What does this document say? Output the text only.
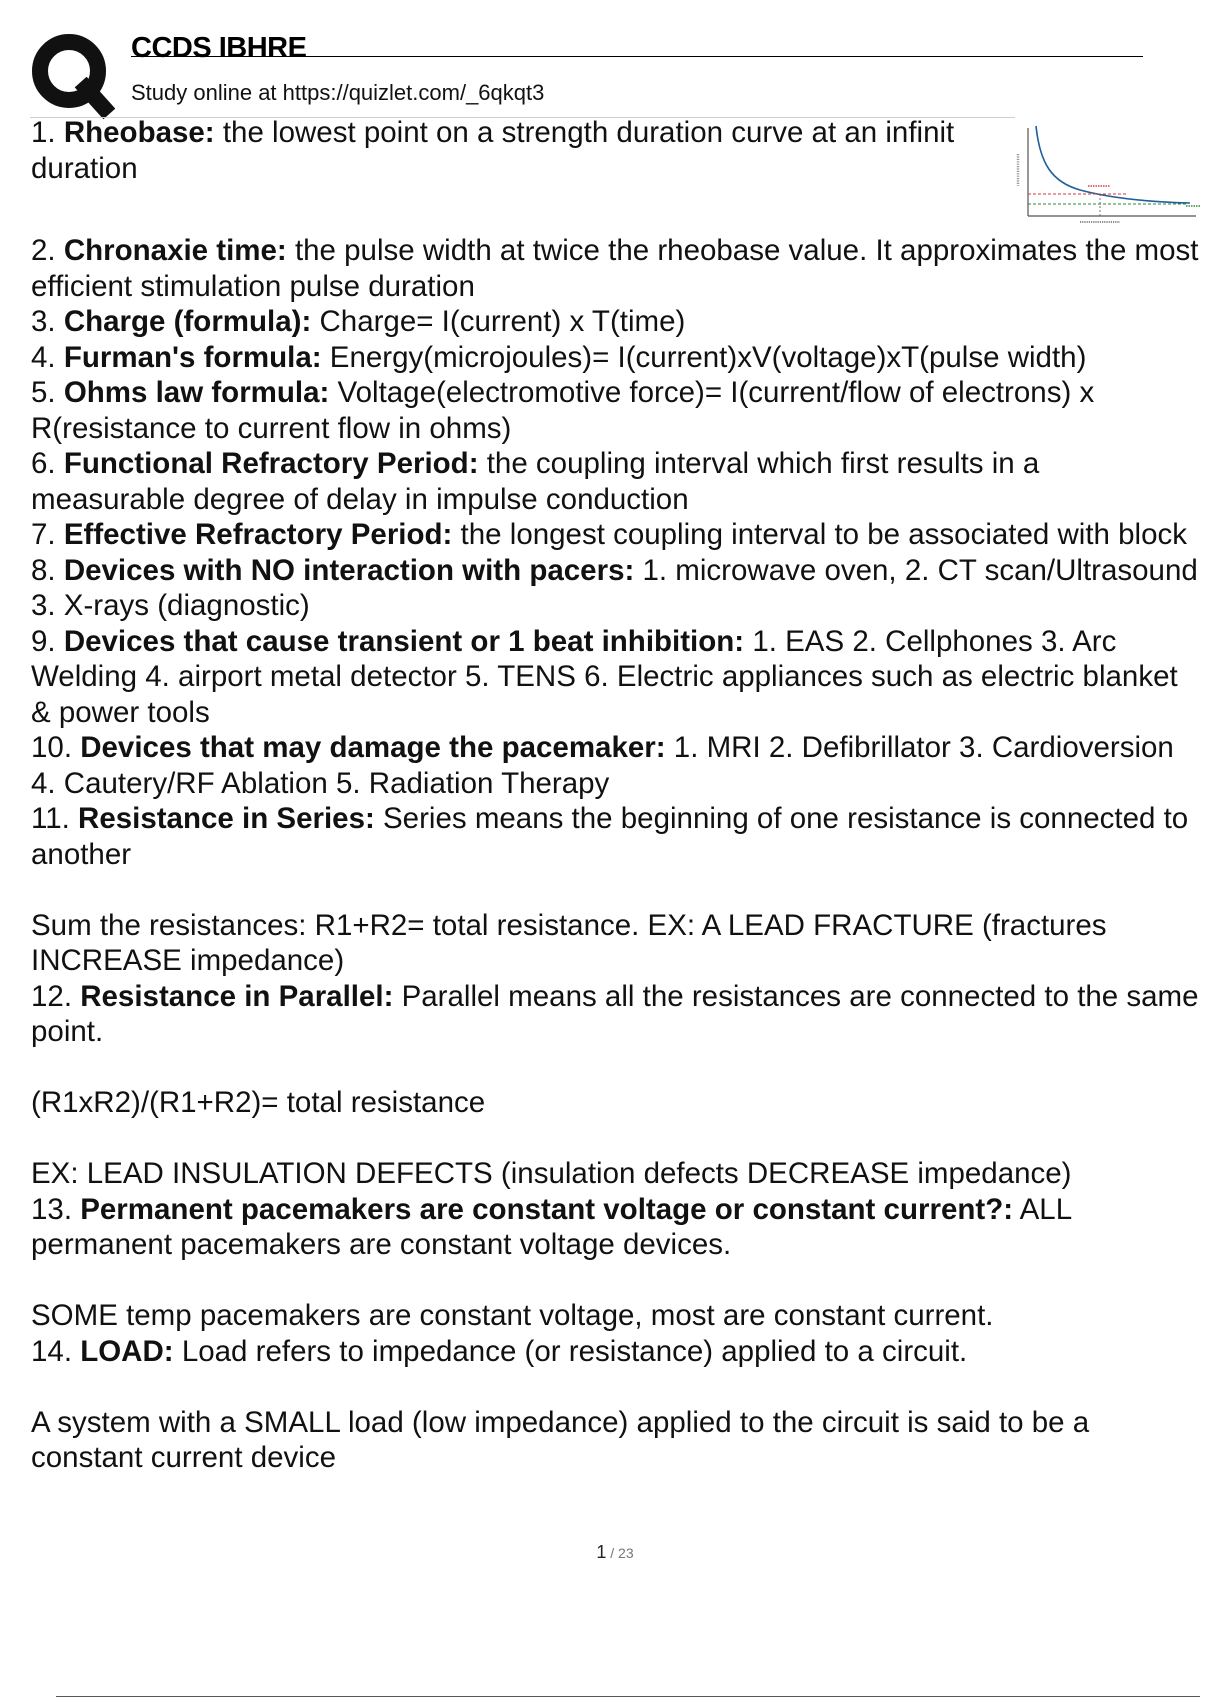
CCDS IBHRE
Study online at https://quizlet.com/_6qkqt3
1. Rheobase: the lowest point on a strength duration curve at an infinit duration
2. Chronaxie time: the pulse width at twice the rheobase value. It approximates the most efficient stimulation pulse duration
3. Charge (formula): Charge= I(current) x T(time)
4. Furman's formula: Energy(microjoules)= I(current)xV(voltage)xT(pulse width)
5. Ohms law formula: Voltage(electromotive force)= I(current/flow of electrons) x R(resistance to current flow in ohms)
6. Functional Refractory Period: the coupling interval which first results in a measurable degree of delay in impulse conduction
7. Effective Refractory Period: the longest coupling interval to be associated with block
8. Devices with NO interaction with pacers: 1. microwave oven, 2. CT scan/Ultrasound 3. X-rays (diagnostic)
9. Devices that cause transient or 1 beat inhibition: 1. EAS 2. Cellphones 3. Arc Welding 4. airport metal detector 5. TENS 6. Electric appliances such as electric blanket & power tools
10. Devices that may damage the pacemaker: 1. MRI 2. Defibrillator 3. Cardioversion 4. Cautery/RF Ablation 5. Radiation Therapy
11. Resistance in Series: Series means the beginning of one resistance is connected to another

Sum the resistances: R1+R2= total resistance. EX: A LEAD FRACTURE (fractures INCREASE impedance)
12. Resistance in Parallel: Parallel means all the resistances are connected to the same point.

(R1xR2)/(R1+R2)= total resistance

EX: LEAD INSULATION DEFECTS (insulation defects DECREASE impedance)
13. Permanent pacemakers are constant voltage or constant current?: ALL permanent pacemakers are constant voltage devices.

SOME temp pacemakers are constant voltage, most are constant current.
14. LOAD: Load refers to impedance (or resistance) applied to a circuit.

A system with a SMALL load (low impedance) applied to the circuit is said to be a constant current device
1 / 23
